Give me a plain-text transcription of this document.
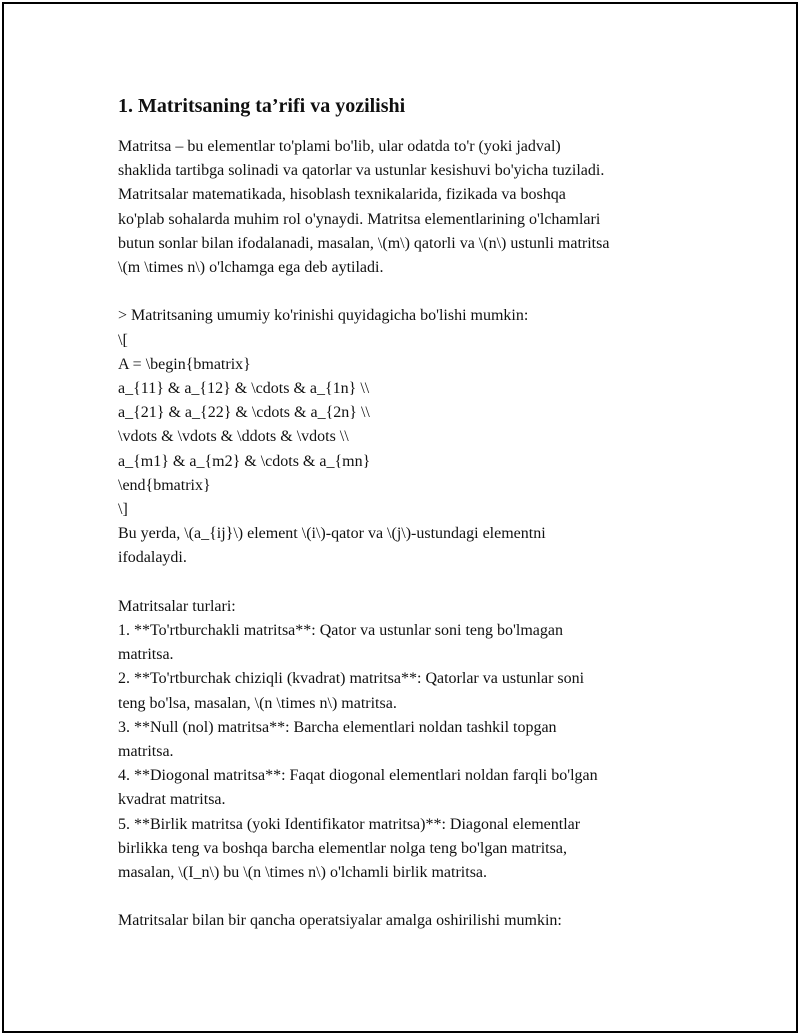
1. Matritsaning ta’rifi va yozilishi
Matritsa – bu elementlar to'plami bo'lib, ular odatda to'r (yoki jadval)
shaklida tartibga solinadi va qatorlar va ustunlar kesishuvi bo'yicha tuziladi.
Matritsalar matematikada, hisoblash texnikalarida, fizikada va boshqa
ko'plab sohalarda muhim rol o'ynaydi. Matritsa elementlarining o'lchamlari
butun sonlar bilan ifodalanadi, masalan, \(m\) qatorli va \(n\) ustunli matritsa
\(m \times n\) o'lchamga ega deb aytiladi.
> Matritsaning umumiy ko'rinishi quyidagicha bo'lishi mumkin:
\[
A = \begin{bmatrix}
a_{11} & a_{12} & \cdots & a_{1n} \\
a_{21} & a_{22} & \cdots & a_{2n} \\
\vdots & \vdots & \ddots & \vdots \\
a_{m1} & a_{m2} & \cdots & a_{mn}
\end{bmatrix}
\]
Bu yerda, \(a_{ij}\) element \(i\)-qator va \(j\)-ustundagi elementni
ifodalaydi.
Matritsalar turlari:
1. **To'rtburchakli matritsa**: Qator va ustunlar soni teng bo'lmagan
matritsa.
2. **To'rtburchak chiziqli (kvadrat) matritsa**: Qatorlar va ustunlar soni
teng bo'lsa, masalan, \(n \times n\) matritsa.
3. **Null (nol) matritsa**: Barcha elementlari noldan tashkil topgan
matritsa.
4. **Diogonal matritsa**: Faqat diogonal elementlari noldan farqli bo'lgan
kvadrat matritsa.
5. **Birlik matritsa (yoki Identifikator matritsa)**: Diagonal elementlar
birlikka teng va boshqa barcha elementlar nolga teng bo'lgan matritsa,
masalan, \(I_n\) bu \(n \times n\) o'lchamli birlik matritsa.
Matritsalar bilan bir qancha operatsiyalar amalga oshirilishi mumkin:
